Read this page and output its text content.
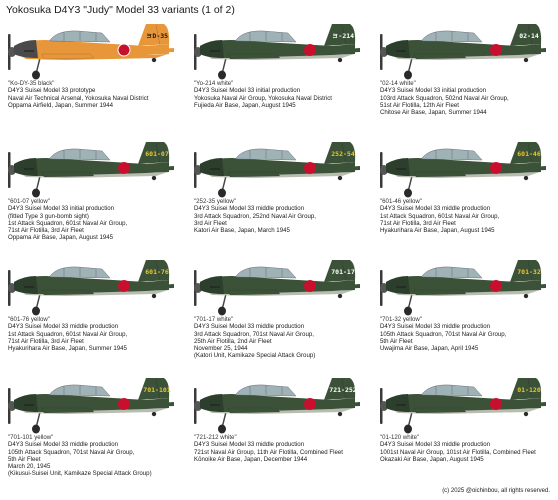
Yokosuka D4Y3 "Judy" Model 33 variants (1 of 2)
ヨD-35
"Ko-DY-35 black"
D4Y3 Suisei Model 33 prototype
Naval Air Technical Arsenal, Yokosuka Naval District
Oppama Airfield, Japan, Summer 1944
ヨ-214
"Yo-214 white"
D4Y3 Suisei Model 33 initial production
Yokosuka Naval Air Group, Yokosuka Naval District
Fujieda Air Base, Japan, August 1945
02-14
"02-14 white"
D4Y3 Suisei Model 33 initial production
103rd Attack Squadron, 502nd Naval Air Group,
51st Air Flotilla, 12th Air Fleet
Chitose Air Base, Japan, Summer 1944
601-07
"601-07 yellow"
D4Y3 Suisei Model 33 initial production
(fitted Type 3 gun-bomb sight)
1st Attack Squadron, 601st Naval Air Group,
71st Air Flotilla, 3rd Air Fleet
Oppama Air Base, Japan, August 1945
252-54
"252-35 yellow"
D4Y3 Suisei Model 33 middle production
3rd Attack Squadron, 252nd Naval Air Group,
3rd Air Fleet
Katori Air Base, Japan, March 1945
601-46
"601-46 yellow"
D4Y3 Suisei Model 33 middle production
1st Attack Squadron, 601st Naval Air Group,
71st Air Flotilla, 3rd Air Fleet
Hyakurihara Air Base, Japan, August 1945
601-76
"601-76 yellow"
D4Y3 Suisei Model 33 middle production
1st Attack Squadron, 601st Naval Air Group,
71st Air Flotilla, 3rd Air Fleet
Hyakurihara Air Base, Japan, Summer 1945
701-17
"701-17 white"
D4Y3 Suisei Model 33 middle production
3rd Attack Squadron, 701st Naval Air Group,
25th Air Flotilla, 2nd Air Fleet
November 25, 1944
(Katori Unit, Kamikaze Special Attack Group)
701-32
"701-32 yellow"
D4Y3 Suisei Model 33 middle production
105th Attack Squadron, 701st Naval Air Group,
5th Air Fleet
Uwajima Air Base, Japan, April 1945
701-101
"701-101 yellow"
D4Y3 Suisei Model 33 middle production
105th Attack Squadron, 701st Naval Air Group,
5th Air Fleet
March 20, 1945
(Kikusui-Suisei Unit, Kamikaze Special Attack Group)
721-252
"721-212 white"
D4Y3 Suisei Model 33 middle production
721st Naval Air Group, 11th Air Flotilla, Combined Fleet
Kōnoike Air Base, Japan, December 1944
01-120
"01-120 white"
D4Y3 Suisei Model 33 middle production
1001st Naval Air Group, 101st Air Flotilla, Combined Fleet
Okazaki Air Base, Japan, August 1945
(c) 2025 @oichinbou, all rights reserved.
